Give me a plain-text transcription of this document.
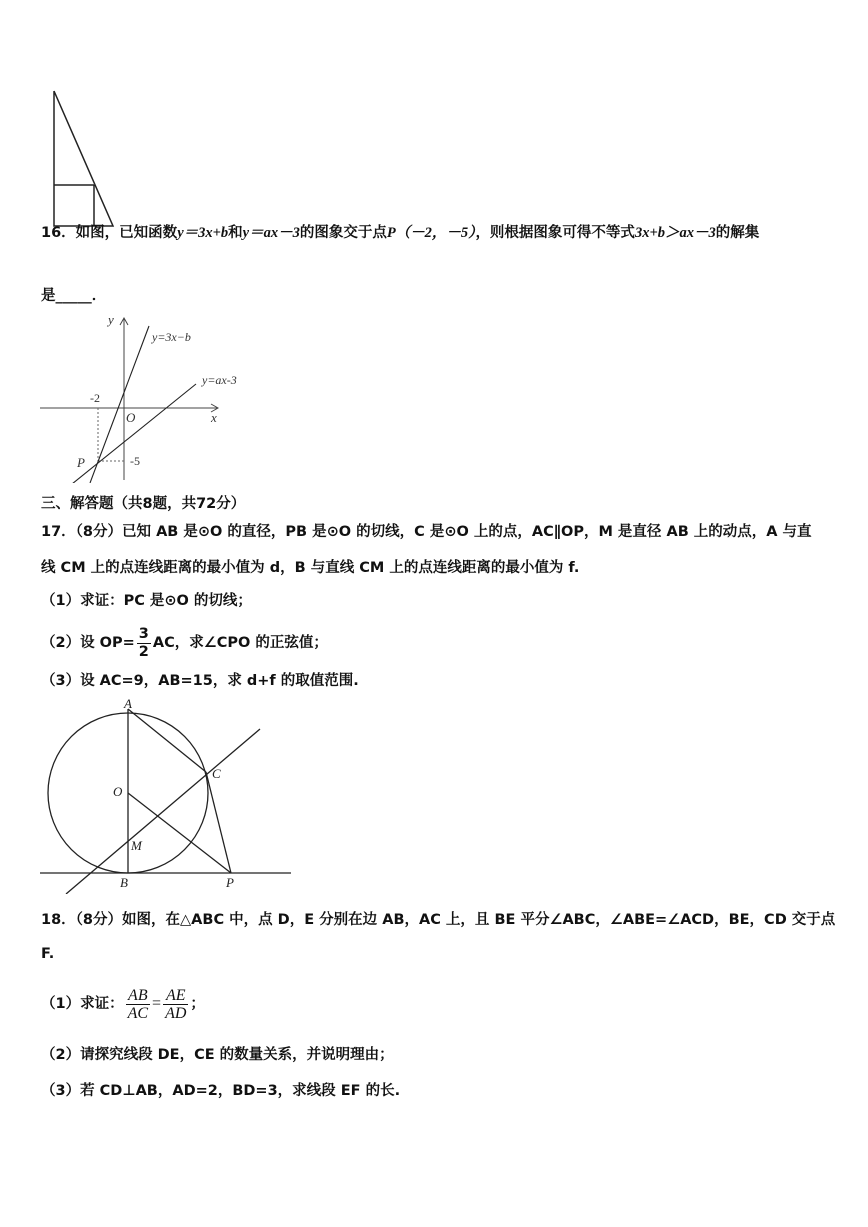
16．如图，已知函数y＝3x+b和y＝ax－3的图象交于点P（－2，－5），则根据图象可得不等式3x+b＞ax－3的解集
是_____．
y
x
y=3x−b
y=ax-3
-2
-5
O
P
三、解答题（共8题，共72分）
17．（8分）已知 AB 是⊙O 的直径，PB 是⊙O 的切线，C 是⊙O 上的点，AC∥OP，M 是直径 AB 上的动点，A 与直
线 CM 上的点连线距离的最小值为 d，B 与直线 CM 上的点连线距离的最小值为 f.
（1）求证：PC 是⊙O 的切线；
（2）设 $OP= \frac{3}{2}$ AC，求∠CPO 的正弦值；
（3）设 AC=9，AB=15，求 d+f 的取值范围.
A
O
C
M
B	P
18．（8分）如图，在△ABC 中，点 D，E 分别在边 AB，AC 上，且 BE 平分∠ABC，∠ABE=∠ACD，BE，CD 交于点
F.
（1）求证： $\frac{AB}{AC} = \frac{AE}{AD}$ ；
（2）请探究线段 DE，CE 的数量关系，并说明理由；
（3）若 CD⊥AB，AD=2，BD=3，求线段 EF 的长.
